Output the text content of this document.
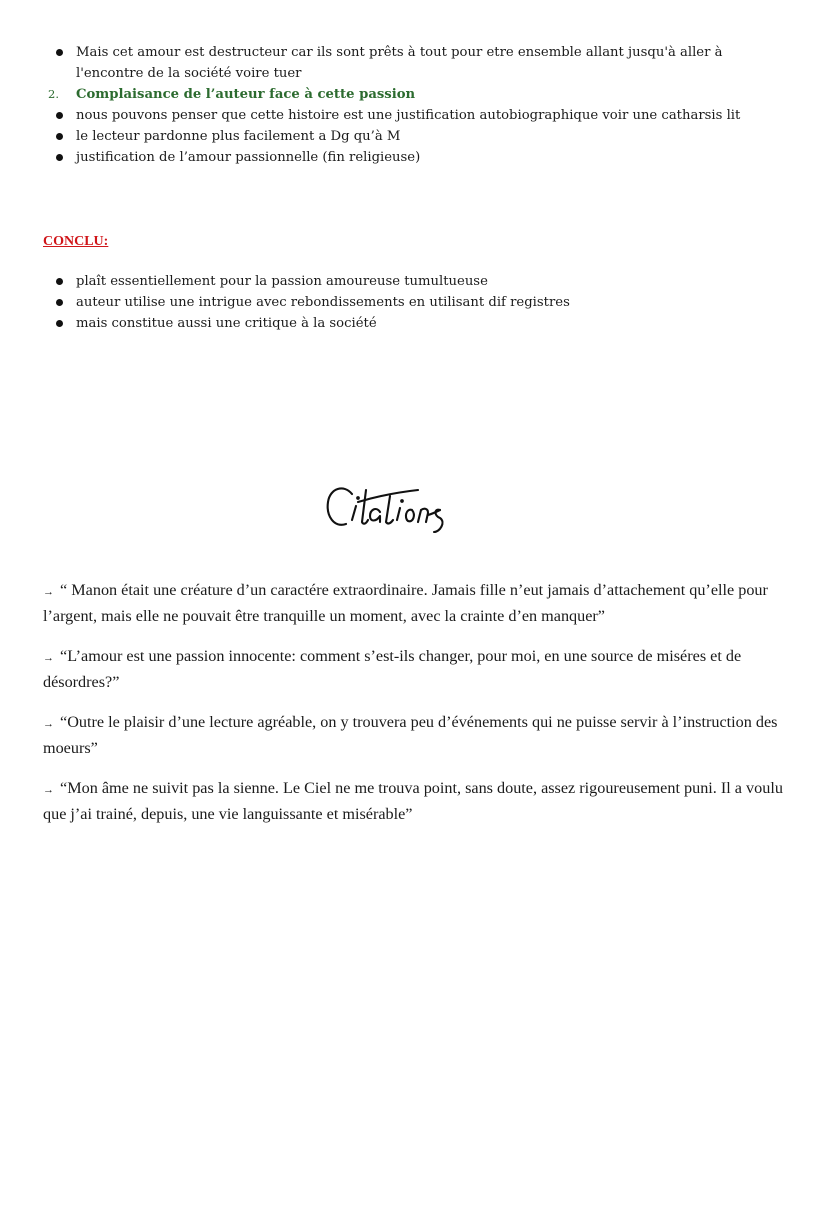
Mais cet amour est destructeur car ils sont prêts à tout pour etre ensemble allant jusqu'à aller à l'encontre de la société voire tuer
2. Complaisance de l’auteur face à cette passion
nous pouvons penser que cette histoire est une justification autobiographique voir une catharsis lit
le lecteur pardonne plus facilement a Dg qu’à M
justification de l’amour passionnelle (fin religieuse)
CONCLU:
plaît essentiellement pour la passion amoureuse tumultueuse
auteur utilise une intrigue avec rebondissements en utilisant dif registres
mais constitue aussi une critique à la société

→ “ Manon était une créature d’un caractére extraordinaire. Jamais fille n’eut jamais d’attachement qu’elle pour l’argent, mais elle ne pouvait être tranquille un moment, avec la crainte d’en manquer”

→ “L’amour est une passion innocente: comment s’est-ils changer, pour moi, en une source de miséres et de désordres?”

→ “Outre le plaisir d’une lecture agréable, on y trouvera peu d’événements qui ne puisse servir à l’instruction des moeurs”

→ “Mon âme ne suivit pas la sienne. Le Ciel ne me trouva point, sans doute, assez rigoureusement puni. Il a voulu que j’ai trainé, depuis, une vie languissante et misérable”
